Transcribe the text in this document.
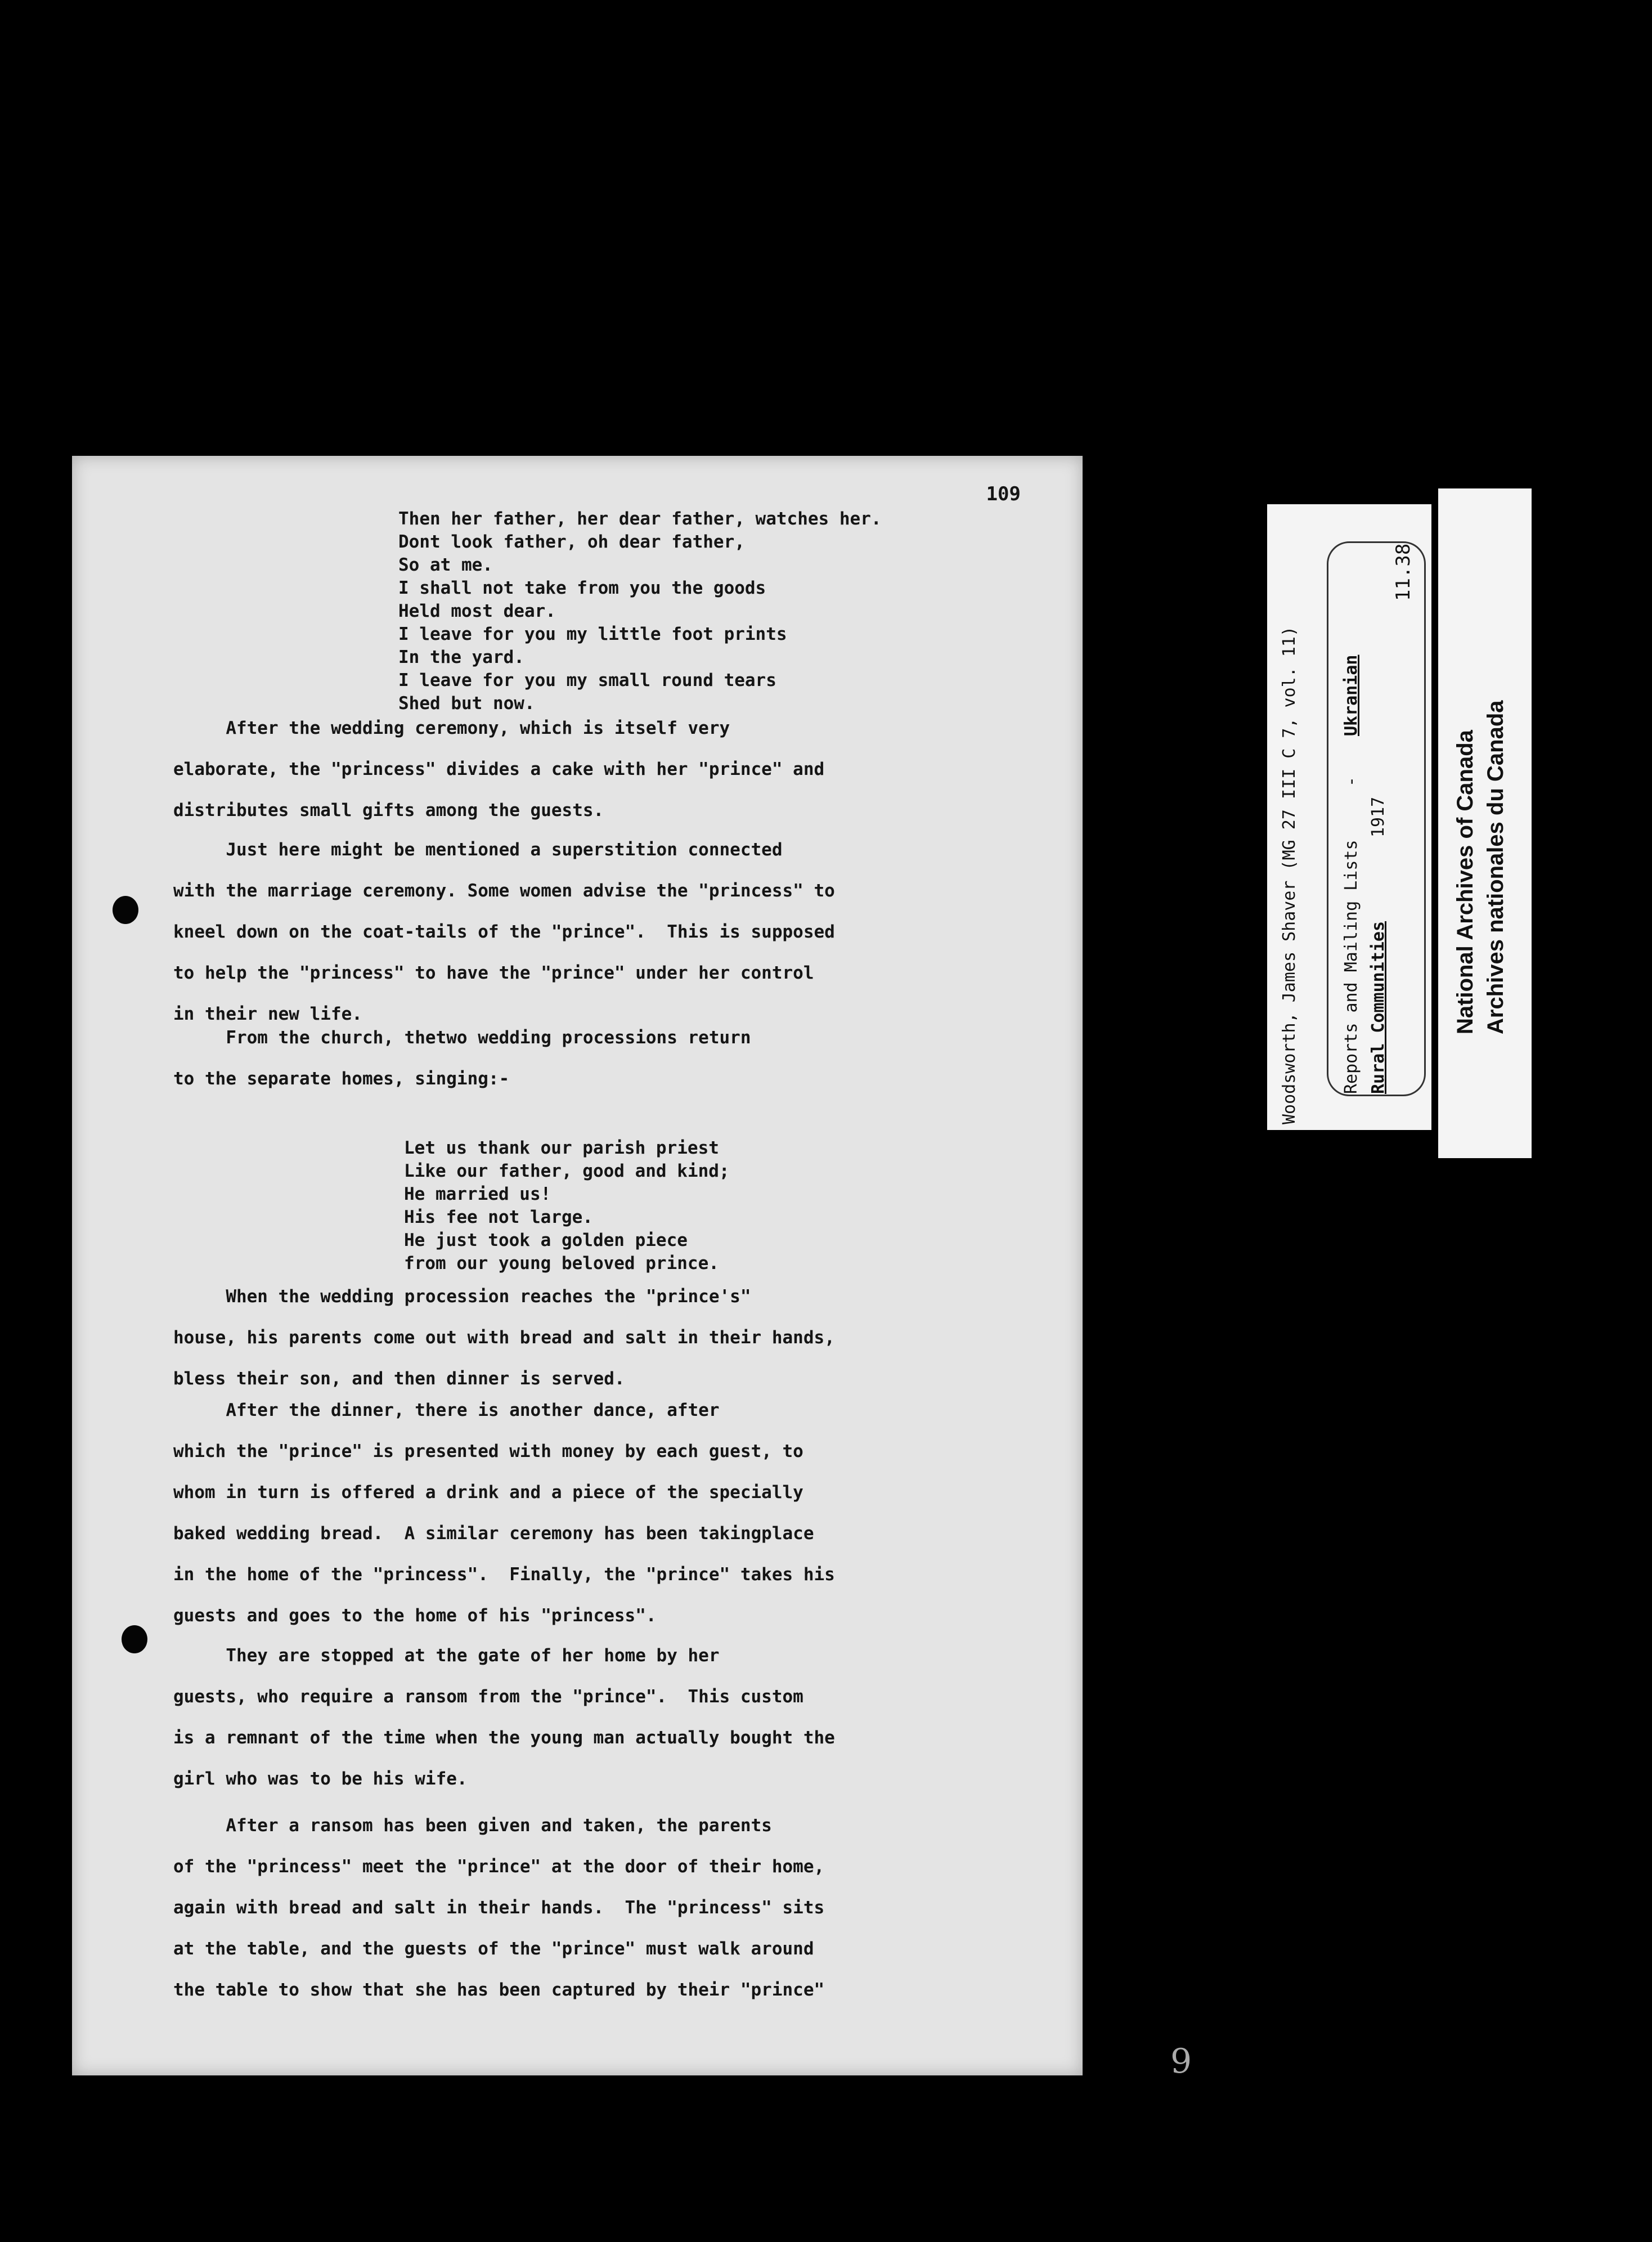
109
Then her father, her dear father, watches her.
Dont look father, oh dear father,
So at me.
I shall not take from you the goods
Held most dear.
I leave for you my little foot prints
In the yard.
I leave for you my small round tears
Shed but now.
After the wedding ceremony, which is itself very
elaborate, the "princess" divides a cake with her "prince" and
distributes small gifts among the guests.
Just here might be mentioned a superstition connected
with the marriage ceremony. Some women advise the "princess" to
kneel down on the coat-tails of the "prince".  This is supposed
to help the "princess" to have the "prince" under her control
in their new life.
From the church, thetwo wedding processions return
to the separate homes, singing:-
Let us thank our parish priest
Like our father, good and kind;
He married us!
His fee not large.
He just took a golden piece
from our young beloved prince.
When the wedding procession reaches the "prince's"
house, his parents come out with bread and salt in their hands,
bless their son, and then dinner is served.
After the dinner, there is another dance, after
which the "prince" is presented with money by each guest, to
whom in turn is offered a drink and a piece of the specially
baked wedding bread.  A similar ceremony has been takingplace
in the home of the "princess".  Finally, the "prince" takes his
guests and goes to the home of his "princess".
They are stopped at the gate of her home by her
guests, who require a ransom from the "prince".  This custom
is a remnant of the time when the young man actually bought the
girl who was to be his wife.
After a ransom has been given and taken, the parents
of the "princess" meet the "prince" at the door of their home,
again with bread and salt in their hands.  The "princess" sits
at the table, and the guests of the "prince" must walk around
the table to show that she has been captured by their "prince"
Woodsworth, James Shaver (MG 27 III C 7, vol. 11)	Reports and Mailing Lists
-
Ukranian
Rural Communities
1917
11.38
National Archives of Canada Archives nationales du Canada
9
